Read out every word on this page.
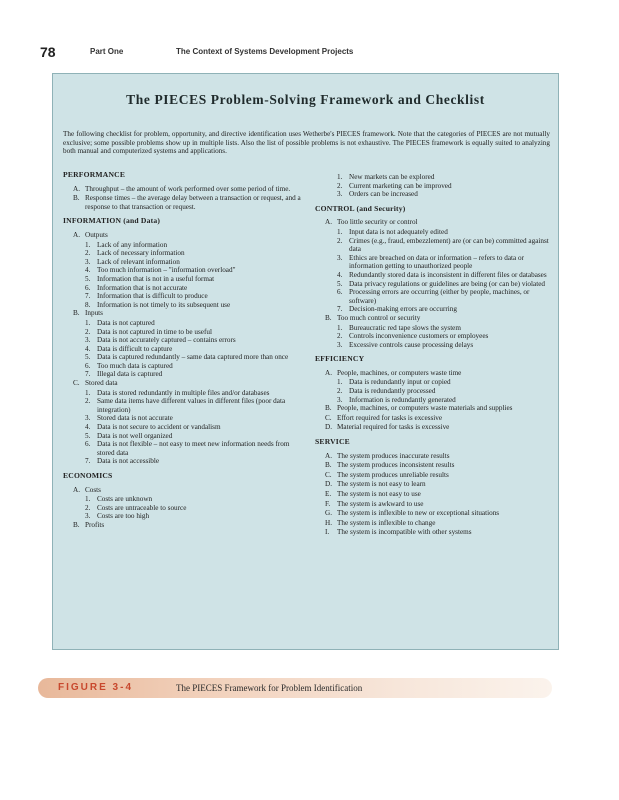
78	Part One	The Context of Systems Development Projects
The PIECES Problem-Solving Framework and Checklist
The following checklist for problem, opportunity, and directive identification uses Wetherbe's PIECES framework. Note that the categories of PIECES are not mutually exclusive; some possible problems show up in multiple lists. Also the list of possible problems is not exhaustive. The PIECES framework is equally suited to analyzing both manual and computerized systems and applications.
PERFORMANCE
A. Throughput – the amount of work performed over some period of time.
B. Response times – the average delay between a transaction or request, and a response to that transaction or request.
INFORMATION (and Data)
A. Outputs
1. Lack of any information
2. Lack of necessary information
3. Lack of relevant information
4. Too much information – "information overload"
5. Information that is not in a useful format
6. Information that is not accurate
7. Information that is difficult to produce
8. Information is not timely to its subsequent use
B. Inputs
1. Data is not captured
2. Data is not captured in time to be useful
3. Data is not accurately captured – contains errors
4. Data is difficult to capture
5. Data is captured redundantly – same data captured more than once
6. Too much data is captured
7. Illegal data is captured
C. Stored data
1. Data is stored redundantly in multiple files and/or databases
2. Same data items have different values in different files (poor data integration)
3. Stored data is not accurate
4. Data is not secure to accident or vandalism
5. Data is not well organized
6. Data is not flexible – not easy to meet new information needs from stored data
7. Data is not accessible
ECONOMICS
A. Costs
1. Costs are unknown
2. Costs are untraceable to source
3. Costs are too high
B. Profits
1. New markets can be explored
2. Current marketing can be improved
3. Orders can be increased
CONTROL (and Security)
A. Too little security or control
1. Input data is not adequately edited
2. Crimes (e.g., fraud, embezzlement) are (or can be) committed against data
3. Ethics are breached on data or information – refers to data or information getting to unauthorized people
4. Redundantly stored data is inconsistent in different files or databases
5. Data privacy regulations or guidelines are being (or can be) violated
6. Processing errors are occurring (either by people, machines, or software)
7. Decision-making errors are occurring
B. Too much control or security
1. Bureaucratic red tape slows the system
2. Controls inconvenience customers or employees
3. Excessive controls cause processing delays
EFFICIENCY
A. People, machines, or computers waste time
1. Data is redundantly input or copied
2. Data is redundantly processed
3. Information is redundantly generated
B. People, machines, or computers waste materials and supplies
C. Effort required for tasks is excessive
D. Material required for tasks is excessive
SERVICE
A. The system produces inaccurate results
B. The system produces inconsistent results
C. The system produces unreliable results
D. The system is not easy to learn
E. The system is not easy to use
F. The system is awkward to use
G. The system is inflexible to new or exceptional situations
H. The system is inflexible to change
I. The system is incompatible with other systems
FIGURE 3-4	The PIECES Framework for Problem Identification
